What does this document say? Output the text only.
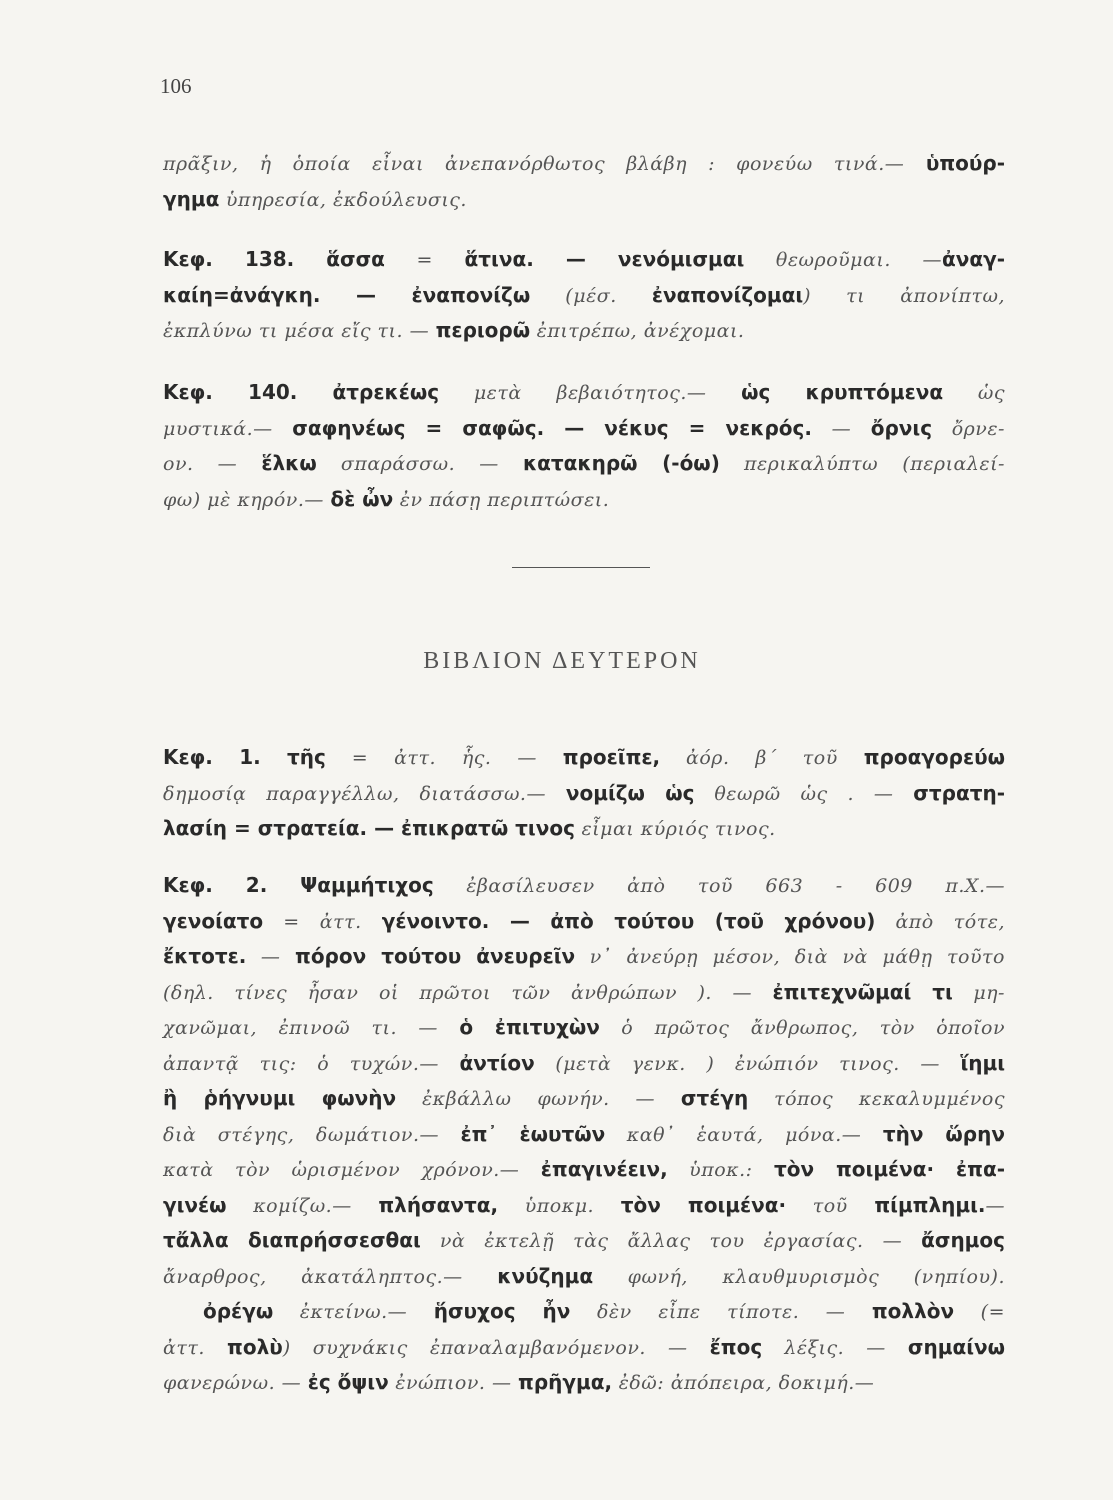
106
πρᾶξιν, ἡ ὁποία εἶναι ἀνεπανόρθωτος βλάβη : φονεύω τινά.— ὑπούρ-
γημα ὑπηρεσία, ἐκδούλευσις.
Κεφ. 138. ἅσσα = ἅτινα. — νενόμισμαι θεωροῦμαι. —ἀναγ-
καίη=ἀνάγκη. — ἐναπονίζω (μέσ. ἐναπονίζομαι) τι ἀπονίπτω,
ἐκπλύνω τι μέσα εἴς τι. — περιορῶ ἐπιτρέπω, ἀνέχομαι.
Κεφ. 140. ἀτρεκέως μετὰ βεβαιότητος.— ὡς κρυπτόμενα ὡς
μυστικά.— σαφηνέως = σαφῶς. — νέκυς = νεκρός. — ὄρνις ὄρνε-
ον. — ἕλκω σπαράσσω. — κατακηρῶ (-όω) περικαλύπτω (περιαλεί-
φω) μὲ κηρόν.— δὲ ὦν ἐν πάσῃ περιπτώσει.
ΒΙΒΛΙΟΝ ΔΕΥΤΕΡΟΝ
Κεφ. 1. τῆς = ἀττ. ἧς. — προεῖπε, ἀόρ. β΄ τοῦ προαγορεύω
δημοσίᾳ παραγγέλλω, διατάσσω.— νομίζω ὡς θεωρῶ ὡς . — στρατη-
λασίη = στρατεία. — ἐπικρατῶ τινος εἶμαι κύριός τινος.
Κεφ. 2. Ψαμμήτιχος ἐβασίλευσεν ἀπὸ τοῦ 663 - 609 π.Χ.—
γενοίατο = ἀττ. γένοιντο. — ἀπὸ τούτου (τοῦ χρόνου) ἀπὸ τότε,
ἔκτοτε. — πόρον τούτου ἀνευρεῖν ν᾽ ἀνεύρῃ μέσον, διὰ νὰ μάθῃ τοῦτο
(δηλ. τίνες ἦσαν οἱ πρῶτοι τῶν ἀνθρώπων ). — ἐπιτεχνῶμαί τι μη-
χανῶμαι, ἐπινοῶ τι. — ὁ ἐπιτυχὼν ὁ πρῶτος ἄνθρωπος, τὸν ὁποῖον
ἀπαντᾷ τις: ὁ τυχών.— ἀντίον (μετὰ γενκ. ) ἐνώπιόν τινος. — ἵημι
ἢ ῥήγνυμι φωνὴν ἐκβάλλω φωνήν. — στέγη τόπος κεκαλυμμένος
διὰ στέγης, δωμάτιον.— ἐπ᾽ ἑωυτῶν καθ᾽ ἑαυτά, μόνα.— τὴν ὥρην
κατὰ τὸν ὡρισμένον χρόνον.— ἐπαγινέειν, ὑποκ.: τὸν ποιμένα· ἐπα-
γινέω κομίζω.— πλήσαντα, ὑποκμ. τὸν ποιμένα· τοῦ πίμπλημι.—
τἄλλα διαπρήσσεσθαι νὰ ἐκτελῇ τὰς ἄλλας του ἐργασίας. — ἄσημος
ἄναρθρος, ἀκατάληπτος.— κνύζημα φωνή, κλαυθμυρισμὸς (νηπίου).
ὀρέγω ἐκτείνω.— ἥσυχος ἦν δὲν εἶπε τίποτε. — πολλὸν (=
ἀττ. πολὺ) συχνάκις ἐπαναλαμβανόμενον. — ἔπος λέξις. — σημαίνω
φανερώνω. — ἐς ὄψιν ἐνώπιον. — πρῆγμα, ἐδῶ: ἀπόπειρα, δοκιμή.—
